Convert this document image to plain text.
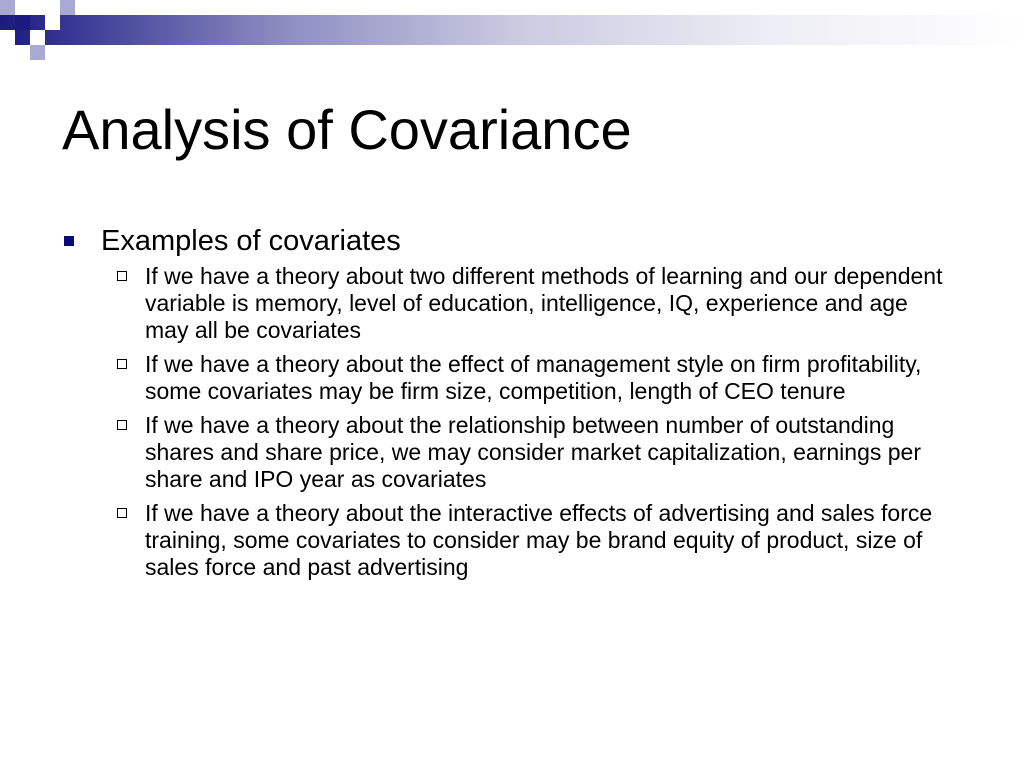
Analysis of Covariance
Examples of covariates
If we have a theory about two different methods of learning and our dependent variable is memory, level of education, intelligence, IQ, experience and age may all be covariates
If we have a theory about the effect of management style on firm profitability, some covariates may be firm size, competition, length of CEO tenure
If we have a theory about the relationship between number of outstanding shares and share price, we may consider market capitalization, earnings per share and IPO year as covariates
If we have a theory about the interactive effects of advertising and sales force training, some covariates to consider may be brand equity of product, size of sales force and past advertising
